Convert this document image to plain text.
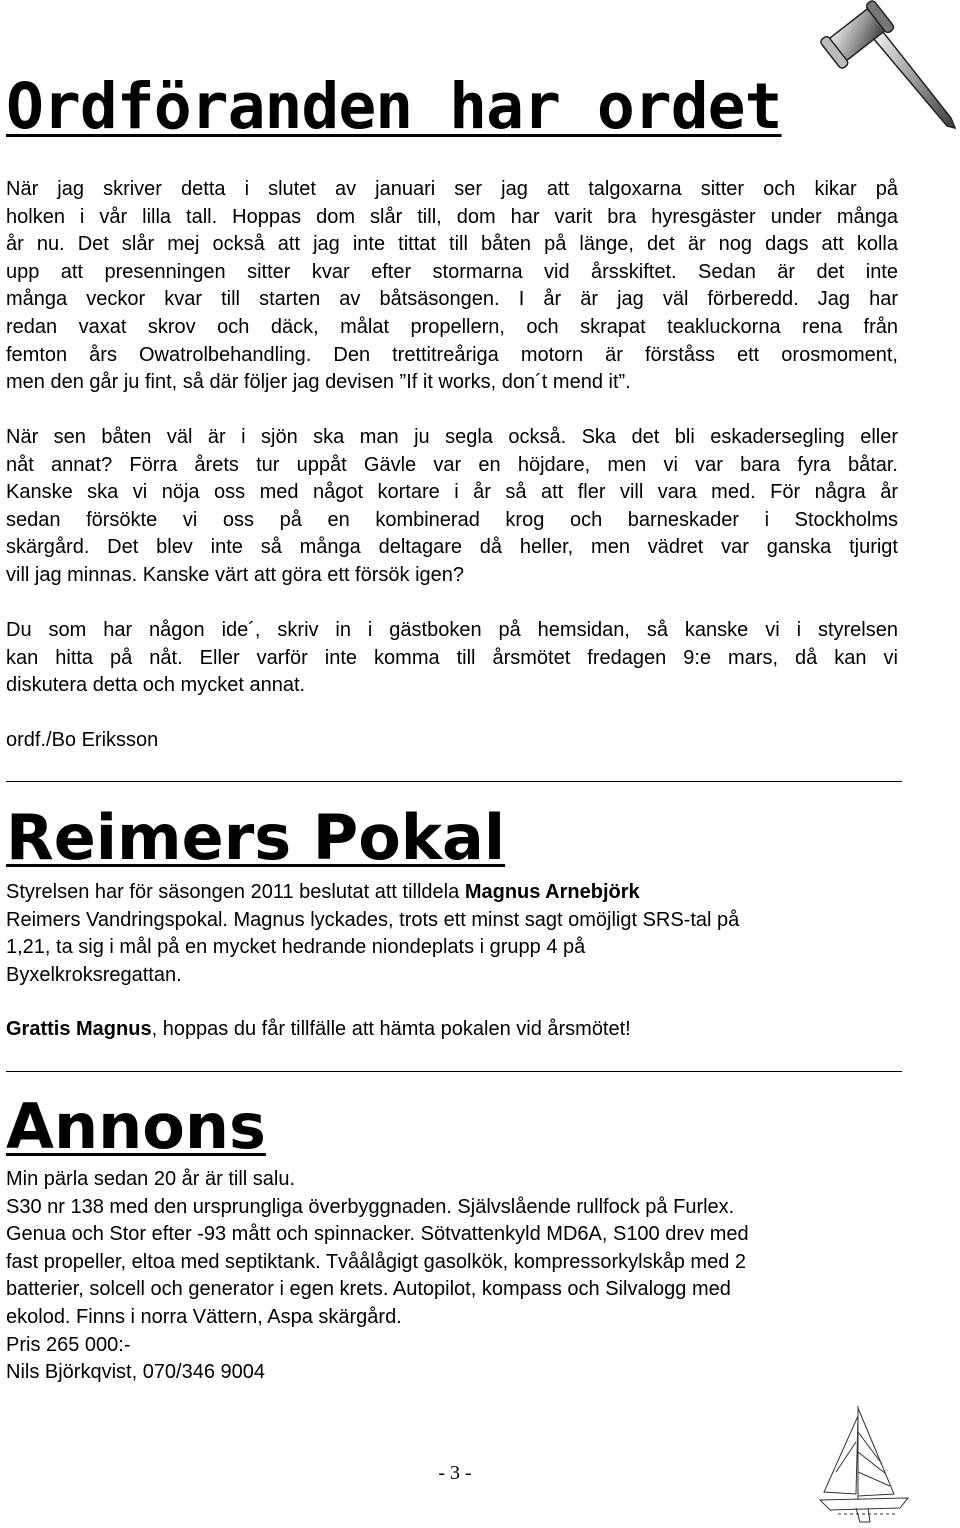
Ordföranden har ordet
När jag skriver detta i slutet av januari ser jag att talgoxarna sitter och kikar på
holken i vår lilla tall. Hoppas dom slår till, dom har varit bra hyresgäster under många
år nu. Det slår mej också att jag inte tittat till båten på länge, det är nog dags att kolla
upp att presenningen sitter kvar efter stormarna vid årsskiftet. Sedan är det inte
många veckor kvar till starten av båtsäsongen. I år är jag väl förberedd. Jag har
redan vaxat skrov och däck, målat propellern, och skrapat teakluckorna rena från
femton års Owatrolbehandling. Den trettitreåriga motorn är förståss ett orosmoment,
men den går ju fint, så där följer jag devisen ”If it works, don´t mend it”.
När sen båten väl är i sjön ska man ju segla också. Ska det bli eskadersegling eller
nåt annat? Förra årets tur uppåt Gävle var en höjdare, men vi var bara fyra båtar.
Kanske ska vi nöja oss med något kortare i år så att fler vill vara med. För några år
sedan försökte vi oss på en kombinerad krog och barneskader i Stockholms
skärgård. Det blev inte så många deltagare då heller, men vädret var ganska tjurigt
vill jag minnas. Kanske värt att göra ett försök igen?
Du som har någon ide´, skriv in i gästboken på hemsidan, så kanske vi i styrelsen
kan hitta på nåt. Eller varför inte komma till årsmötet fredagen 9:e mars, då kan vi
diskutera detta och mycket annat.
ordf./Bo Eriksson
Reimers Pokal
Styrelsen har för säsongen 2011 beslutat att tilldela Magnus Arnebjörk
Reimers Vandringspokal. Magnus lyckades, trots ett minst sagt omöjligt SRS-tal på
1,21, ta sig i mål på en mycket hedrande niondeplats i grupp 4 på
Byxelkroksregattan.
Grattis Magnus, hoppas du får tillfälle att hämta pokalen vid årsmötet!
Annons
Min pärla sedan 20 år är till salu.
S30 nr 138 med den ursprungliga överbyggnaden. Självslående rullfock på Furlex.
Genua och Stor efter -93 mått och spinnacker. Sötvattenkyld MD6A, S100 drev med
fast propeller, eltoa med septiktank. Tvåålågigt gasolkök, kompressorkylskåp med 2
batterier, solcell och generator i egen krets. Autopilot, kompass och Silvalogg med
ekolod. Finns i norra Vättern, Aspa skärgård.
Pris 265 000:-
Nils Björkqvist, 070/346 9004
- 3 -
